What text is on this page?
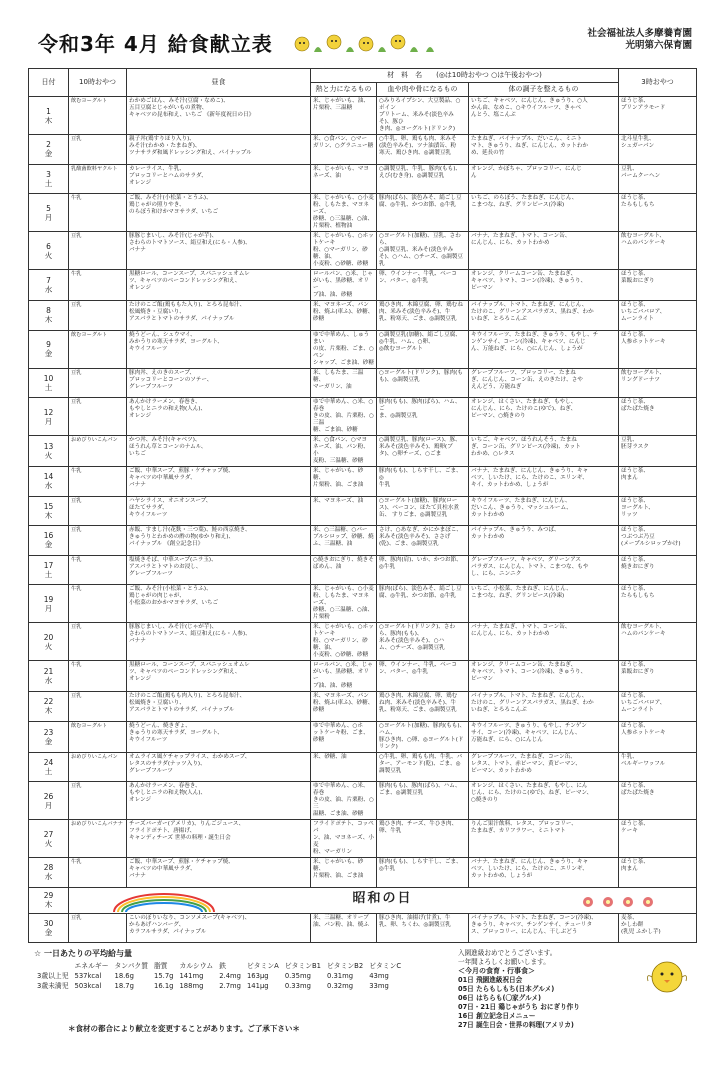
令和3年 4月 給食献立表	社会福祉法人多摩養育園
光明第六保育園
日付	10時おやつ	昼食	材　料　名　　 (◎は10時おやつ ○は午後おやつ)			3時おやつ
			熱と力になるもの	血や肉や骨になるもの	体の調子を整えるもの	

1
木	飲むヨーグルト	わかめごはん、みそ汁(豆腐・なめこ)、
五目豆腐とじゃがいもの煮物、
キャベツの昆布和え、いちご 《新年度祝日の日》	米、じゃがいも、油、
片栗粉、三温糖	○みりろイプシン、大豆製品、○ポイン
プリトーム、米みそ(淡色辛みそ)、豚ひ
き肉、◎ヨーグルト(ドリンク)	いちご、キャベツ、にんじん、きゅうり、○人
かん由、なめこ、○キウイフルーツ、きゃべ
んとう、塩こんぶ	ほうじ茶、
プリンアラモード

2
金	豆乳	親子丼(鶏すりほり入り)、
みそ汁(わかめ・たまねぎ)、
ツナサラダ和風ドレッシング和え、パイナップル	米、○食パン、○マー
ガリン、○グラニュー糖	○牛乳、卵、鶏もも肉、米みそ
(淡色辛みそ)、ツナ油漬缶、粉
寒天、鶏ひき肉、◎調製豆乳	たまねぎ、パイナップル、だいこん、ミニト
マト、きゅうり、ねぎ、にんじん、カットわか
め、延長の竹	北斗星牛乳、
シュガーパン

3
土	乳酸菌飲料ヤクルト	カレーライス、牛乳、
ブロッコリーとハムのサラダ、
オレンジ	米、じゃがいも、マヨ
ネーズ、油	○調製豆乳、牛乳、豚肉(もも)、
えび(むき身)、◎調製豆乳	オレンジ、かぼちゃ、ブロッコリー、にんじ
ん	豆乳、
パームクーヘン

5
月	牛乳	ご飯、みそ汁(小松菜・とうふ)、
鶏じゃがの照りやき、
のらぼう和けかマヨサラダ、いちご	米、じゃがいも、○小麦
粉、しもたま、マヨネーズ、
砂糖、○三温糖、○油、
片栗粉、植物油	豚肉(ばら)、淡色みそ、絹ごし豆
腐、◎牛乳、かつお節、◎牛乳	いちご、のらぼう、たまねぎ、にんじん、
こまつな、ねぎ、グリンピース(冷凍)	ほうじ茶、
たらもしもち

6
火	豆乳	豚豚じまいし、みそ汁(じゃが芋)、
さわらのトマトソース、絹豆和え(にら・人参)、
バナナ	米、じゃがいも、○ホットケーキ
粉、○マーガリン、砂糖、油、
小麦粉、○砂糖、砂糖	○ヨーグルト(加糖)、豆乳、さわら、
○調製豆乳、米みそ(淡色辛み
そ)、○ハム、○チーズ、◎調製豆乳	バナナ、たまねぎ、トマト、コーン缶、
にんじん、にら、カットわかめ	飲むヨーグルト、
ハムのパンケーキ

7
水	牛乳	黒糖ロール、コーンスープ、スパニッシュオムレ
ツ、キャベツのベーコンドレッシング和え、
オレンジ	ロールパン、○米、じゃ
がいも、黒砂糖、オリー
ブ油、油、砂糖	卵、ウインナー、牛乳、ベーコ
ン、バター、◎牛乳	オレンジ、クリームコーン缶、たまねぎ、
キャベツ、トマト、コーン(冷凍)、きゅうり、
ピーマン	ほうじ茶、
菜飯おにぎり

8
木	豆乳	たけのこご飯(鶏ももた入り)、とろろ昆布汁、
松風焼き・豆腐いり、
アスパラとトマトのサラダ、パイナップル	米、マヨネーズ、パン
粉、焼ふ(車ふ)、砂糖、
砂糖	鶏ひき肉、木綿豆腐、卵、鶏むね
肉、米みそ(淡色辛みそ)、牛
乳、粉寒天、ごま、◎調製豆乳	パイナップル、トマト、たまねぎ、にんじん、
たけのこ、グリーンアスパラガス、黒ねぎ、わか
いねぎ、とろろこんぶ	ほうじ茶、
いちごババロア、
ムーンライト

9
金	飲むヨーグルト	焼うどーん、シュウマイ、
みかうりの寒天サラダ、ヨーグルト、
キウイフルーツ	ゆで中華めん、しゅうまい
の皮、片栗粉、ごま、○ペン
シャップ、ごま油、砂糖	○調製豆乳(加糖)、絹ごし豆腐、
◎牛乳、ハム、○卵、
◎飲むヨーグルト	キウイフルーツ、たまねぎ、きゅうり、もやし、チ
ンゲンサイ、コーン(冷凍)、キャベツ、にんじ
ん、万能ねぎ、にら、○にんじん、しょうが	ほうじ茶、
人参ホットケーキ

10
土	豆乳	豚肉丼、えのきのスープ、
ブロッコリーとコーンのソテー、
グレープフルーツ	米、しもたま、三温糖、
マーガリン、油	○ヨーグルト(ドリンク)、豚肉(も
も)、◎調製豆乳	グレープフルーツ、ブロッコリー、たまね
ぎ、にんじん、コーン缶、えのきたけ、さや
えんどう、万能ねぎ	飲むヨーグルト、
リングドーナツ

12
月	豆乳	あんかけラーメン、春巻き、
もやしとニラの和え物(人ん)、
オレンジ	ゆで中華めん、○米、○春巻
きの皮、油、片栗粉、○三温
糖、ごま油、砂糖	豚肉(もも)、豚肉(ばら)、ハム、ご
ま、◎調製豆乳	オレンジ、はくさい、たまねぎ、もやし、
にんじん、にら、たけのこ(ゆで)、ねぎ、
ピーマン、○焼きのり	ほうじ茶、
ぱたぱた焼き

13
火	おめびりいこんパン	かつ丼、みそ汁(キャベツ)、
ほうれん草とコーンのナムル、
いちご	米、○食パン、○マヨ
ネーズ、油、パン粉、小
麦粉、三温糖、砂糖	○調製豆乳、豚肉(ロース)、豚、
米みそ(淡色辛みそ)、鶏卵(ブ
タ)、○卵チーズ、○ごま	いちご、キャベツ、ほうれんそう、たまね
ぎ、コーン缶、グリンピース(冷凍)、カット
わかめ、○レタス	豆乳、
胚芽ラスク

14
水	牛乳	ご飯、中華スープ、煎豚・ケチャップ焼、
キャベツの中華風サラダ、
バナナ	米、じゃがいも、砂糖、
片栗粉、油、ごま油	豚肉(もも)、しらす干し、ごま、◎
牛乳	バナナ、たまねぎ、にんじん、きゅうり、キャ
ベツ、しいたけ、にら、たけのこ、エリンギ、
キイ、カットわかめ、しょうが	ほうじ茶、
肉まん

15
木	豆乳	ハヤシライス、オニオンスープ、
ほたてサラダ、
キウイフルーツ	米、マヨネーズ、油	○ヨーグルト(加糖)、豚肉(ロー
ス)、ベーコン、ほたて貝柱水煮
缶、 すりごま、◎調製豆乳	キウイフルーツ、たまねぎ、にんじん、
だいこん、きゅうり、マッシュルーム、
カットわかめ	ほうじ茶、
ヨーグルト、
リッツ

16
金	豆乳	赤飯、すまし汁(花麩・三つ葉)、鮭の西京焼き、
きゅうりとわかめの酢の物(ゆかり和え)、
パイナップル 《創立記念日》	米、○三温糖、○パー
ブルシロップ、砂糖、焼
ふ、三温糖、油	さけ、○あなぎ、かにかまぼこ、
米みそ(淡色辛みそ)、ささげ
(乾)、ごま、◎調製豆乳	パイナップル、きゅうり、みつば、
カットわかめ	ほうじ茶、
つぶつぶ乃豆
(メープルシロップかけ)

17
土	牛乳	塩焼きそば、中華スープ(ニラ玉)、
アスパラとトマトのお浸し、
グレープフルーツ	○焼きおにぎり、焼きそ
ばめん、油	卵、豚肉(肩)、いか、かつお節、
◎牛乳	グレープフルーツ、キャベツ、グリーンアス
パラガス、にんじん、トマト、こまつな、もや
し、にら、ニンニク	ほうじ茶、
焼きおにぎり

19
月	牛乳	ご飯、みそ汁(小松菜・とうふ)、
鶏じゃがの肉じゃが、
小松菜のおかかマヨサラダ、いちご	米、じゃがいも、○小麦
粉、しもたま、マヨネーズ、
砂糖、○三温糖、○油、
片栗粉	豚肉(ばら)、淡色みそ、絹ごし豆
腐、◎牛乳、かつお節、◎牛乳	いちご、小松菜、たまねぎ、にんじん、
こまつな、ねぎ、グリンピース(冷凍)	ほうじ茶、
たらもしもち

20
火	豆乳	豚豚じまいし、みそ汁(じゃが芋)、
さわらのトマトソース、絹豆和え(にら・人参)、
バナナ	米、じゃがいも、○ホットケーキ
粉、○マーガリン、砂糖、油、
小麦粉、○砂糖、砂糖	○ヨーグルト(ドリンク)、さわら、豚肉(もも)、
米みそ(淡色辛みそ)、○ハ
ム、○チーズ、◎調製豆乳	バナナ、たまねぎ、トマト、コーン缶、
にんじん、にら、カットわかめ	飲むヨーグルト、
ハムのパンケーキ

21
水	牛乳	黒糖ロール、コーンスープ、スパニッシュオムレ
ツ、キャベツのベーコンドレッシング和え、
オレンジ	ロールパン、○米、じゃ
がいも、黒砂糖、オリー
ブ油、油、砂糖	卵、ウインナー、牛乳、ベーコ
ン、バター、◎牛乳	オレンジ、クリームコーン缶、たまねぎ、
キャベツ、トマト、コーン(冷凍)、きゅうり、
ピーマン	ほうじ茶、
菜飯おにぎり

22
木	豆乳	たけのこご飯(鶏もも肉入り)、とろろ昆布汁、
松風焼き・豆腐いり、
アスパラとトマトのサラダ、パイナップル	米、マヨネーズ、パン
粉、焼ふ(車ふ)、砂糖、
砂糖	鶏ひき肉、木綿豆腐、卵、鶏む
ね肉、米みそ(淡色辛みそ)、牛
乳、粉寒天、ごま、◎調製豆乳	パイナップル、トマト、たまねぎ、にんじん、
たけのこ、グリーンアスパラガス、黒ねぎ、わか
いねぎ、とろろこんぶ	ほうじ茶、
いちごババロア、
ムーンライト

23
金	飲むヨーグルト	焼うどーん、焼きぎょ、
きゅうりの寒天サラダ、ヨーグルト、
キウイフルーツ	ゆで中華めん、○ホ
ットケーキ粉、ごま、
砂糖	○ヨーグルト(加糖)、豚肉(もも)、ハム、
豚ひき肉、○卵、◎ヨーグルト(ド
リンク)	キウイフルーツ、きゅうり、もやし、チンゲン
サイ、コーン(冷凍)、キャベツ、にんじん、
万能ねぎ、にら、○にんじん	ほうじ茶、
人参ホットケーキ

24
土	おめびりいこんパン	オムライス風ケチャップライス、わかめスープ、
レタスのサラダ(ナッツ入り)、
グレープフルーツ	米、砂糖、油	○牛乳、卵、鶏もも肉、牛乳、バ
ター、アーモンド(乾)、ごま、◎
調製豆乳	グレープフルーツ、たまねぎ、コーン缶、
レタス、トマト、赤ピーマン、黄ピーマン、
ピーマン、カットわかめ	牛乳、
ベルギーワッフル

26
月	豆乳	あんかけラーメン、春巻き、
もやしとニラの和え物(人ん)、
オレンジ	ゆで中華めん、○米、春巻
きの皮、油、片栗粉、○三
温糖、ごま油、砂糖	豚肉(もも)、豚肉(ばら)、ハム、
ごま、◎調製豆乳	オレンジ、はくさい、たまねぎ、もやし、にん
じん、にら、たけのこ(ゆで)、ねぎ、ピーマン、
○焼きのり	ほうじ茶、
ぱたぱた焼き

27
火	おめびりいこんバナナ	チーズバーガー(アメリカ)、りんごジュース、
フライドポテト、唐揚げ、
キャンディチーズ 世界の料理・誕生日会	フライドポテト、コッペパ
ン、油、マヨネーズ、小麦
粉、マーガリン	鶏ひき肉、チーズ、牛ひき肉、
卵、牛乳	りんご果汁飲料、レタス、ブロッコリー、
たまねぎ、カリフラワー、ミニトマト	ほうじ茶、
ケーキ

28
水	牛乳	ご飯、中華スープ、煎豚・ケチャップ焼、
キャベツの中華風サラダ、
バナナ	米、じゃがいも、砂糖、
片栗粉、油、ごま油	豚肉(もも)、しらす干し、ごま、
◎牛乳	バナナ、たまねぎ、にんじん、きゅうり、キャ
ベツ、しいたけ、にら、たけのこ、エリンギ、
カットわかめ、しょうが	ほうじ茶、
肉まん

29
木	昭和の日					

30
金	豆乳	こいのぼりいなり、コンソメスープ(キャベツ)、
からあげハンバーグ、
カラフルサラダ、パイナップル	米、三温糖、オリーブ
油、パン粉、油、焼ふ	豚ひき肉、油揚げ(甘煮)、牛
乳、卵、ちくわ、◎調製豆乳	パイナップル、トマト、たまねぎ、コーン(冷凍)、
きゅうり、キャベツ、チンゲンサイ、テューリタ
ス、ブロッコリー、にんじん、干しぶどう	麦茶、
かしわ餅
(乳児 ふかし芋)
☆ 一日あたりの平均給与量
	エネルギー	タンパク質	脂質	カルシウム	鉄	ビタミンA	ビタミンB1	ビタミンB2	ビタミンC
3歳以上児	537kcal	18.6g	15.7g	141mg	2.4mg	163μg	0.35mg	0.31mg	43mg
3歳未満児	503kcal	18.7g	16.1g	188mg	2.7mg	141μg	0.33mg	0.32mg	33mg
＊食材の都合により献立を変更することがあります。ご了承下さい＊
入園進級おめでとうございます。
一年間よろしくお願いします。
＜今月の食育・行事食＞
01日 飛園進級祝日会
05日 たらもしもち(日本グルメ)
06日 はちらも(〇家グルメ)
07日・21日 鶏じゃがうち おにぎり作り
16日 創立記念日メニュー
27日 誕生日会・世界の料理(アメリカ)
